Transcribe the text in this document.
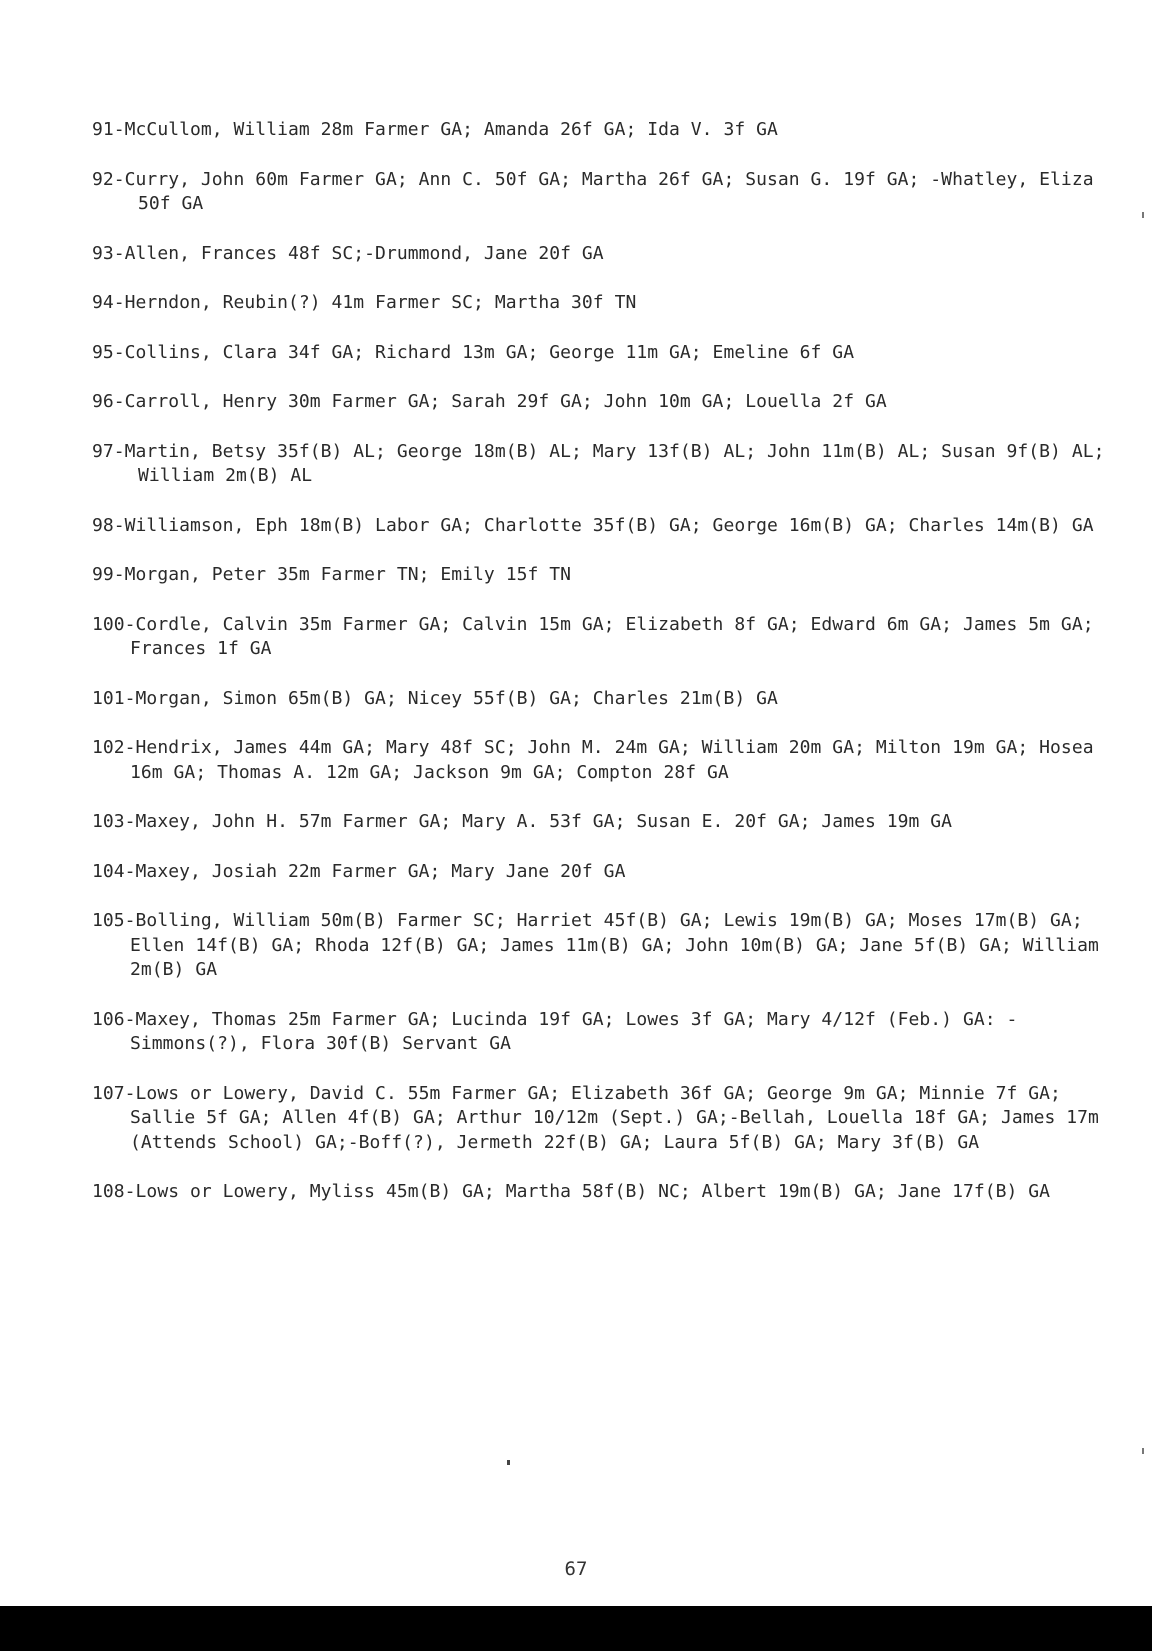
91-McCullom, William 28m Farmer GA; Amanda 26f GA; Ida V. 3f GA
92-Curry, John 60m Farmer GA; Ann C. 50f GA; Martha 26f GA; Susan G. 19f GA; -Whatley, Eliza 50f GA
93-Allen, Frances 48f SC;-Drummond, Jane 20f GA
94-Herndon, Reubin(?) 41m Farmer SC; Martha 30f TN
95-Collins, Clara 34f GA; Richard 13m GA; George 11m GA; Emeline 6f GA
96-Carroll, Henry 30m Farmer GA; Sarah 29f GA; John 10m GA; Louella 2f GA
97-Martin, Betsy 35f(B) AL; George 18m(B) AL; Mary 13f(B) AL; John 11m(B) AL; Susan 9f(B) AL; William 2m(B) AL
98-Williamson, Eph 18m(B) Labor GA; Charlotte 35f(B) GA; George 16m(B) GA; Charles 14m(B) GA
99-Morgan, Peter 35m Farmer TN; Emily 15f TN
100-Cordle, Calvin 35m Farmer GA; Calvin 15m GA; Elizabeth 8f GA; Edward 6m GA; James 5m GA; Frances 1f GA
101-Morgan, Simon 65m(B) GA; Nicey 55f(B) GA; Charles 21m(B) GA
102-Hendrix, James 44m GA; Mary 48f SC; John M. 24m GA; William 20m GA; Milton 19m GA; Hosea 16m GA; Thomas A. 12m GA; Jackson 9m GA; Compton 28f GA
103-Maxey, John H. 57m Farmer GA; Mary A. 53f GA; Susan E. 20f GA; James 19m GA
104-Maxey, Josiah 22m Farmer GA; Mary Jane 20f GA
105-Bolling, William 50m(B) Farmer SC; Harriet 45f(B) GA; Lewis 19m(B) GA; Moses 17m(B) GA; Ellen 14f(B) GA; Rhoda 12f(B) GA; James 11m(B) GA; John 10m(B) GA; Jane 5f(B) GA; William 2m(B) GA
106-Maxey, Thomas 25m Farmer GA; Lucinda 19f GA; Lowes 3f GA; Mary 4/12f (Feb.) GA: -Simmons(?), Flora 30f(B) Servant GA
107-Lows or Lowery, David C. 55m Farmer GA; Elizabeth 36f GA; George 9m GA; Minnie 7f GA; Sallie 5f GA; Allen 4f(B) GA; Arthur 10/12m (Sept.) GA;-Bellah, Louella 18f GA; James 17m (Attends School) GA;-Boff(?), Jermeth 22f(B) GA; Laura 5f(B) GA; Mary 3f(B) GA
108-Lows or Lowery, Myliss 45m(B) GA; Martha 58f(B) NC; Albert 19m(B) GA; Jane 17f(B) GA
67
